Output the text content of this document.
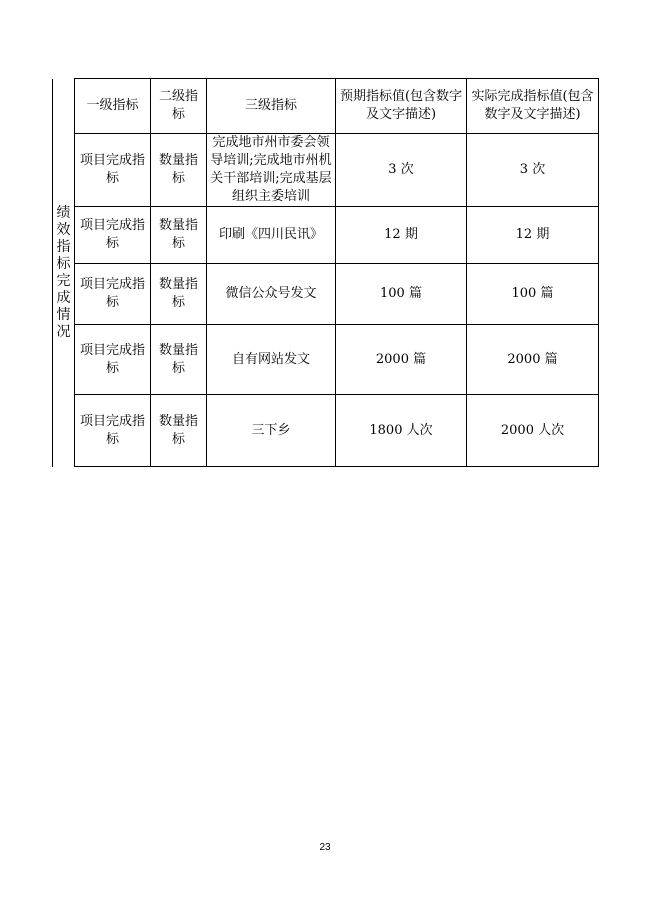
绩效指标完成情况	一级指标	二级指标	三级指标	预期指标值(包含数字及文字描述)	实际完成指标值(包含数字及文字描述)
	项目完成指标	数量指标	完成地市州市委会领导培训;完成地市州机关干部培训;完成基层组织主委培训	3 次	3 次
	项目完成指标	数量指标	印刷《四川民讯》	12 期	12 期
	项目完成指标	数量指标	微信公众号发文	100 篇	100 篇
	项目完成指标	数量指标	自有网站发文	2000 篇	2000 篇
	项目完成指标	数量指标	三下乡	1800 人次	2000 人次
23
